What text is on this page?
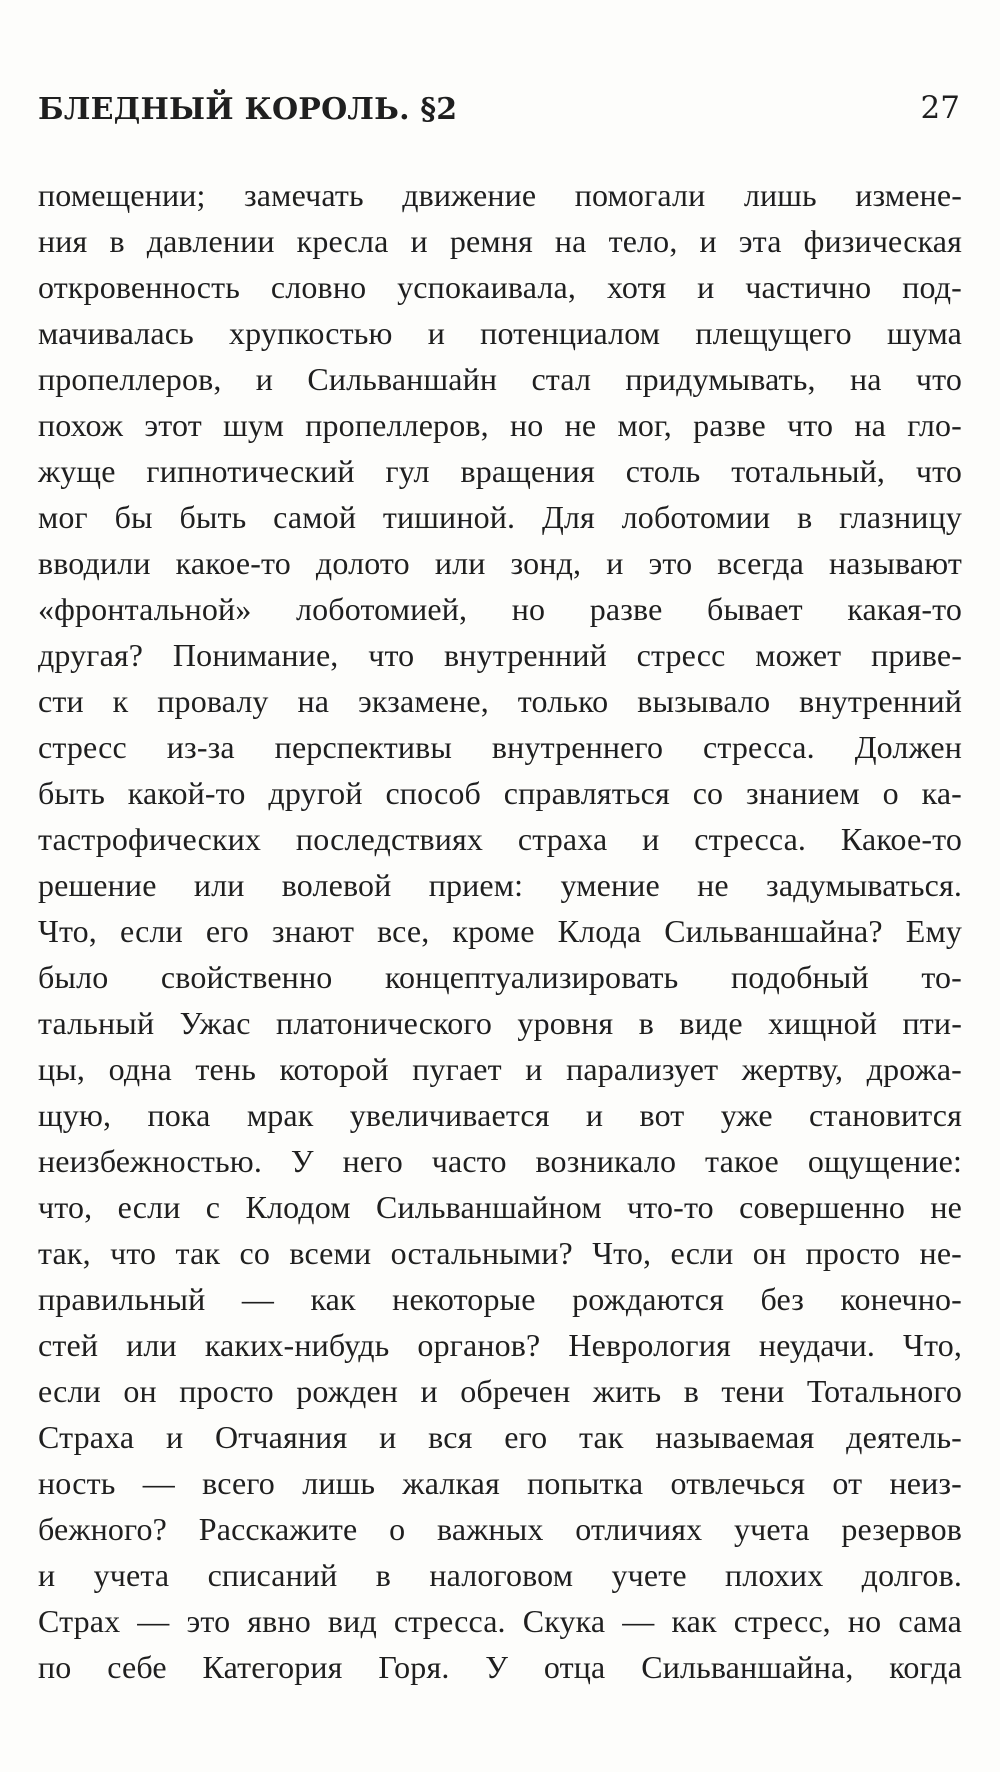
БЛЕДНЫЙ КОРОЛЬ. §2	27
помещении; замечать движение помогали лишь измене-
ния в давлении кресла и ремня на тело, и эта физическая
откровенность словно успокаивала, хотя и частично под-
мачивалась хрупкостью и потенциалом плещущего шума
пропеллеров, и Сильваншайн стал придумывать, на что
похож этот шум пропеллеров, но не мог, разве что на гло-
жуще гипнотический гул вращения столь тотальный, что
мог бы быть самой тишиной. Для лоботомии в глазницу
вводили какое-то долото или зонд, и это всегда называют
«фронтальной» лоботомией, но разве бывает какая-то
другая? Понимание, что внутренний стресс может приве-
сти к провалу на экзамене, только вызывало внутренний
стресс из-за перспективы внутреннего стресса. Должен
быть какой-то другой способ справляться со знанием о ка-
тастрофических последствиях страха и стресса. Какое-то
решение или волевой прием: умение не задумываться.
Что, если его знают все, кроме Клода Сильваншайна? Ему
было свойственно концептуализировать подобный то-
тальный Ужас платонического уровня в виде хищной пти-
цы, одна тень которой пугает и парализует жертву, дрожа-
щую, пока мрак увеличивается и вот уже становится
неизбежностью. У него часто возникало такое ощущение:
что, если с Клодом Сильваншайном что-то совершенно не
так, что так со всеми остальными? Что, если он просто не-
правильный — как некоторые рождаются без конечно-
стей или каких-нибудь органов? Неврология неудачи. Что,
если он просто рожден и обречен жить в тени Тотального
Страха и Отчаяния и вся его так называемая деятель-
ность — всего лишь жалкая попытка отвлечься от неиз-
бежного? Расскажите о важных отличиях учета резервов
и учета списаний в налоговом учете плохих долгов.
Страх — это явно вид стресса. Скука — как стресс, но сама
по себе Категория Горя. У отца Сильваншайна, когда
